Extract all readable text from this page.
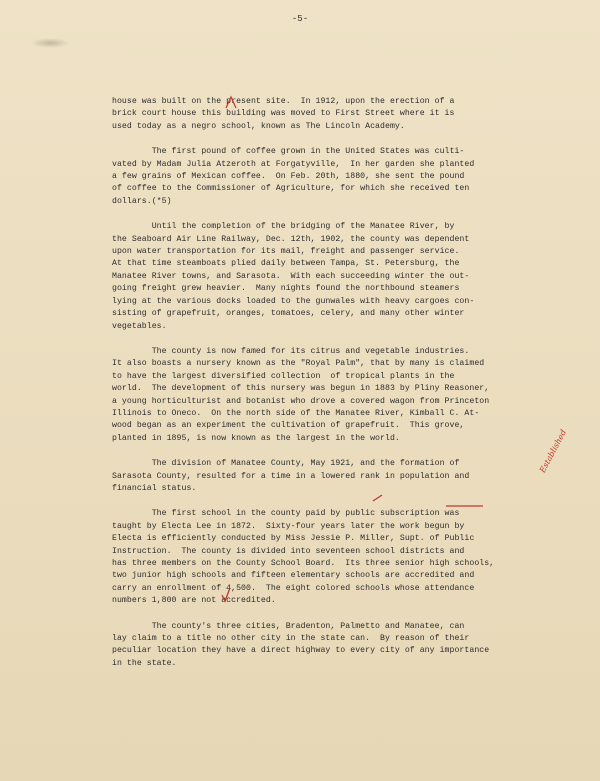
-5-

house was built on the present site.  In 1912, upon the erection of a
brick court house this building was moved to First Street where it is
used today as a negro school, known as The Lincoln Academy.

The first pound of coffee grown in the United States was culti-
vated by Madam Julia Atzeroth at Forgatyville,  In her garden she planted
a few grains of Mexican coffee.  On Feb. 20th, 1880, she sent the pound
of coffee to the Commissioner of Agriculture, for which she received ten
dollars.(*5)

Until the completion of the bridging of the Manatee River, by
the Seaboard Air Line Railway, Dec. 12th, 1902, the county was dependent
upon water transportation for its mail, freight and passenger service.
At that time steamboats plied daily between Tampa, St. Petersburg, the
Manatee River towns, and Sarasota.  With each succeeding winter the out-
going freight grew heavier.  Many nights found the northbound steamers
lying at the various docks loaded to the gunwales with heavy cargoes con-
sisting of grapefruit, oranges, tomatoes, celery, and many other winter
vegetables.

The county is now famed for its citrus and vegetable industries.
It also boasts a nursery known as the "Royal Palm", that by many is claimed
to have the largest diversified collection  of tropical plants in the
world.  The development of this nursery was begun in 1883 by Pliny Reasoner,
a young horticulturist and botanist who drove a covered wagon from Princeton
Illinois to Oneco.  On the north side of the Manatee River, Kimball C. At-
wood began as an experiment the cultivation of grapefruit.  This grove,
planted in 1895, is now known as the largest in the world.

The division of Manatee County, May 1921, and the formation of
Sarasota County, resulted for a time in a lowered rank in population and
financial status.

The first school in the county paid by public subscription was
taught by Electa Lee in 1872.  Sixty-four years later the work begun by
Electa is efficiently conducted by Miss Jessie P. Miller, Supt. of Public
Instruction.  The county is divided into seventeen school districts and
has three members on the County School Board.  Its three senior high schools,
two junior high schools and fifteen elementary schools are accredited and
carry an enrollment of 4,500.  The eight colored schools whose attendance
numbers 1,800 are not accredited.

The county's three cities, Bradenton, Palmetto and Manatee, can
lay claim to a title no other city in the state can.  By reason of their
peculiar location they have a direct highway to every city of any importance
in the state.

Established
